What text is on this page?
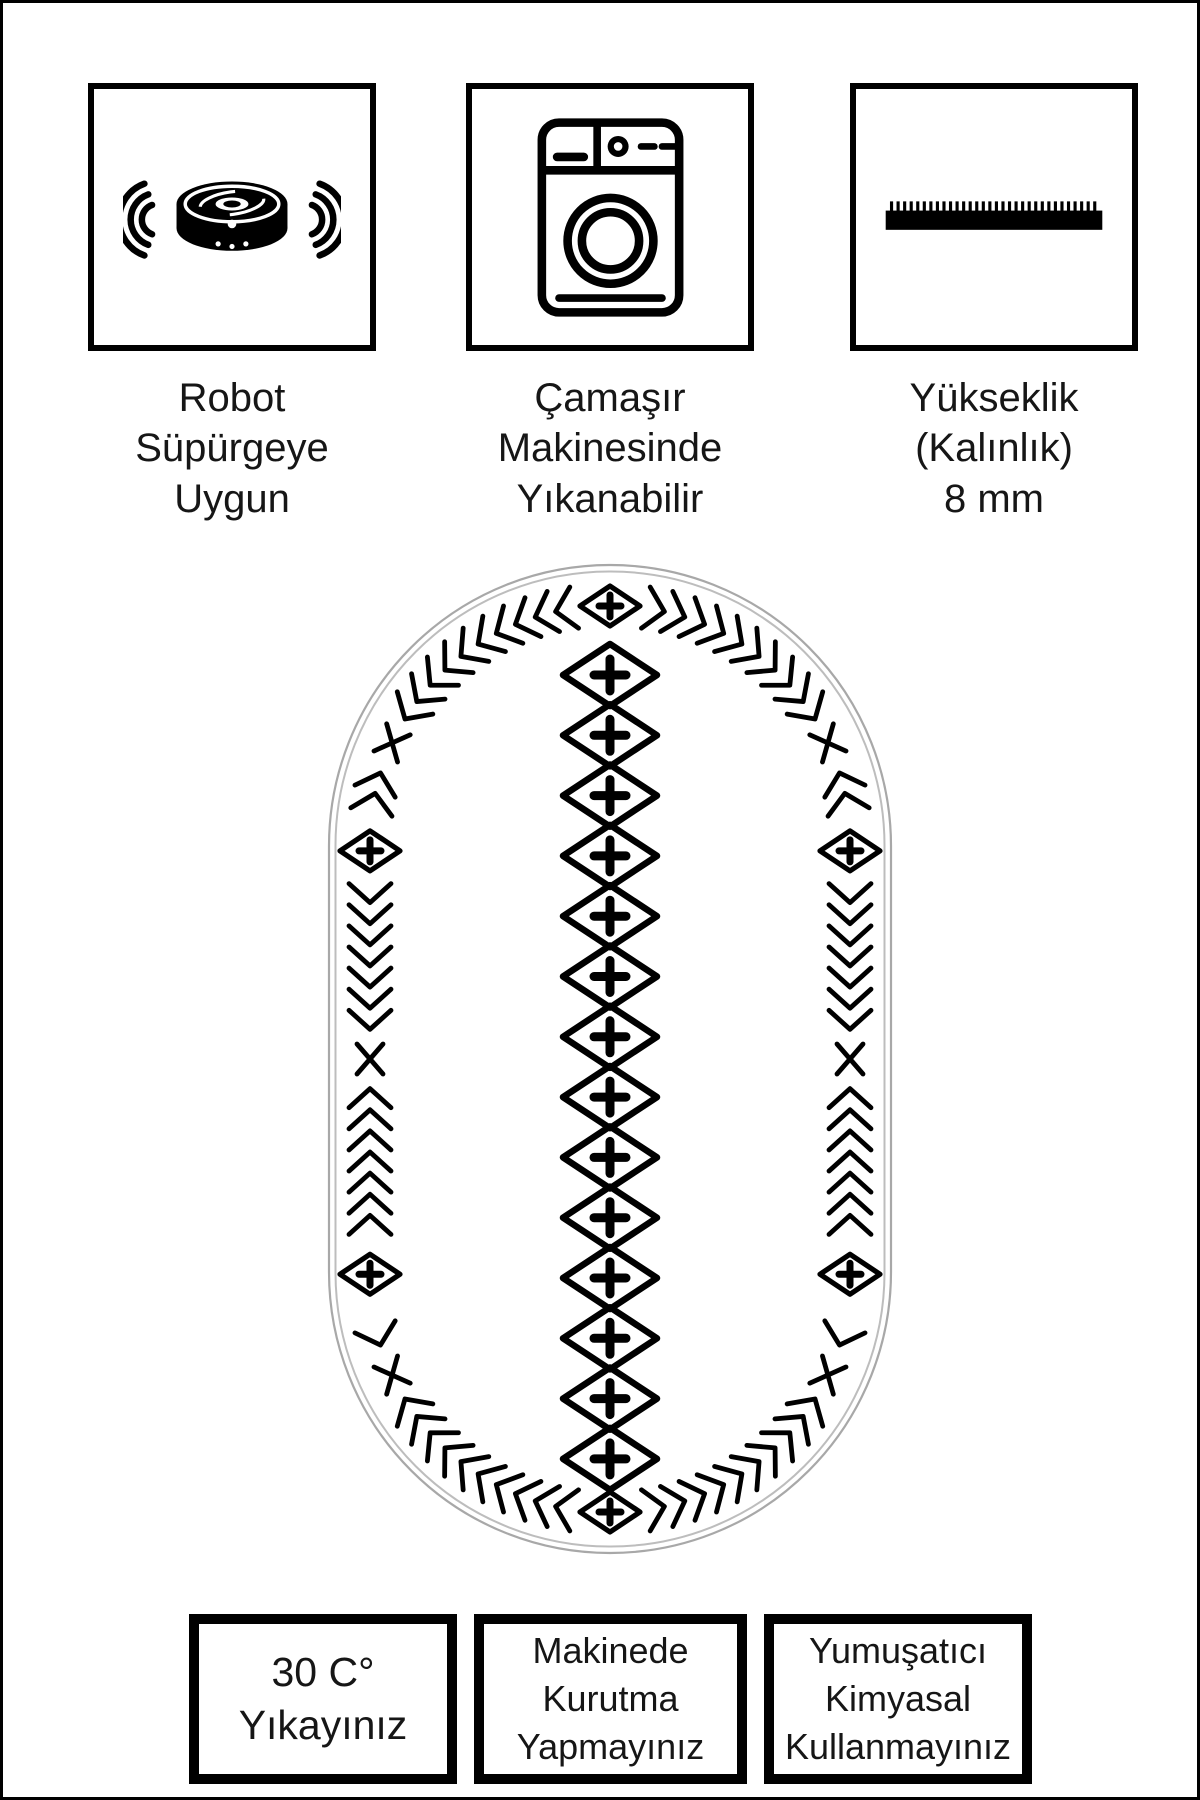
Robot
Süpürgeye
Uygun
Çamaşır
Makinesinde
Yıkanabilir
Yükseklik
(Kalınlık)
8 mm
30 C°
Yıkayınız
Makinede
Kurutma
Yapmayınız
Yumuşatıcı
Kimyasal
Kullanmayınız
